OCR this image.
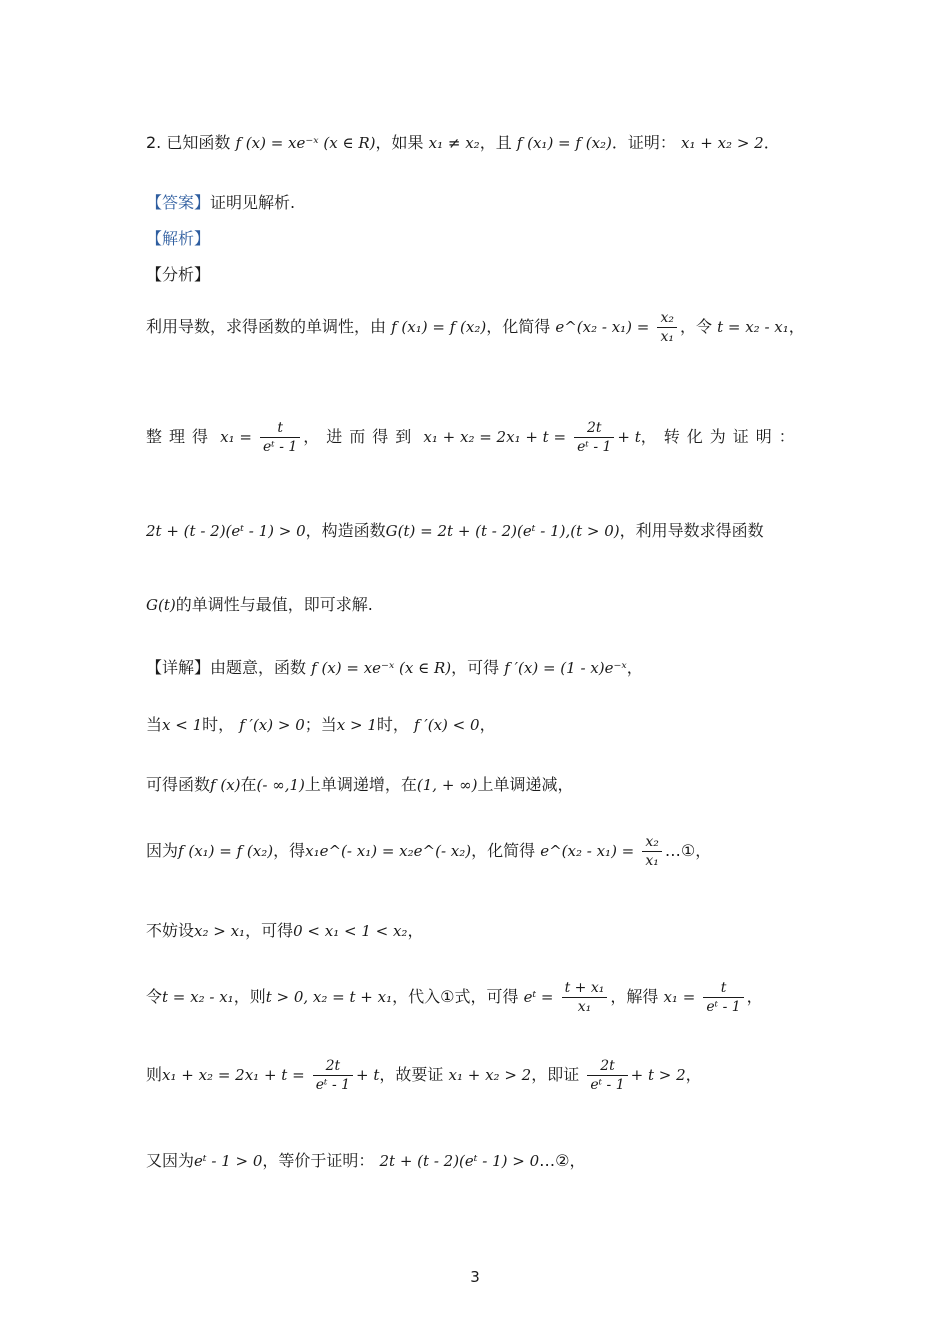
2. 已知函数 f (x) = xe⁻ˣ (x ∈ R)，如果 x₁ ≠ x₂，且 f (x₁) = f (x₂)．证明： x₁ + x₂ > 2．
【答案】证明见解析.
【解析】
【分析】
利用导数，求得函数的单调性，由 f (x₁) = f (x₂)，化简得 e^(x₂ - $x_1) = \frac{\text{x₂}}{\text{x₁}}$ ，令 t = x₂ - x₁，
整理得 $x_1 = \frac{t}{\text{eᵗ - 1}}$ ，进而得到 $x_1 + x_2 = 2x_1 + t = \frac{2t}{\text{eᵗ - 1}} + t$，转化为证明：
2t + (t - 2)(eᵗ - 1) > 0，构造函数G(t) = 2t + (t - 2)(eᵗ - 1),(t > 0)，利用导数求得函数
G(t)的单调性与最值，即可求解.
【详解】由题意，函数 f (x) = xe⁻ˣ (x ∈ R)，可得 f ′(x) = (1 - x)e⁻ˣ，
当x < 1时， f ′(x) > 0；当x > 1时， f ′(x) < 0，
可得函数f (x)在(- ∞,1)上单调递增，在(1, + ∞)上单调递减，
因为f (x₁) = f (x₂)，得x₁e^(- x₁) = x₂e^(- x₂)，化简得 e^(x₂ - $x_1) = \frac{\text{x₂}}{\text{x₁}}$ …①，
不妨设x₂ > x₁，可得0 < x₁ < 1 < x₂，
令t = x₂ - x₁，则t > 0, x₂ = t + x₁，代入①式，可得 eᵗ = $\frac{\text{t + x₁}}{\text{x₁}}$ ，解得 $x_1 = \frac{t}{\text{eᵗ - 1}}$ ，
则$x_1 + x_2 = 2x_1 + t = \frac{2t}{\text{eᵗ - 1}} + t$，故要证 x₁ + x₂ > 2，即证 $\frac{2t}{\text{eᵗ - 1}} + t > 2$，
又因为eᵗ - 1 > 0，等价于证明： 2t + (t - 2)(eᵗ - 1) > 0…②，
3
